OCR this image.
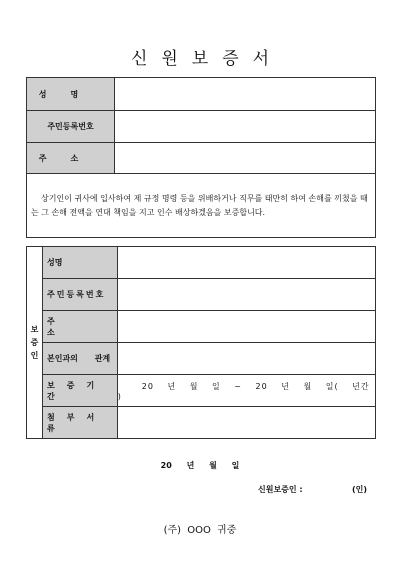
신원보증서
성명	
주민등록번호	
주소	
상기인이 귀사에 입사하여 제 규정 명령 등을 위배하거나 직무를 태만히 하여 손해를 끼쳤을 때는 그 손해 전액을 연대 책임을 지고 인수 배상하겠음을 보증합니다.	
보증인	성명	

	주민등록번호	
	주소	
	본인과의 관계	
	보증기간	20 년 월 일 ~ 20 년 월 일( 년간 )
	첨부서류	
20 년 월 일
신원보증인 :	(인)
(주) OOO 귀중
